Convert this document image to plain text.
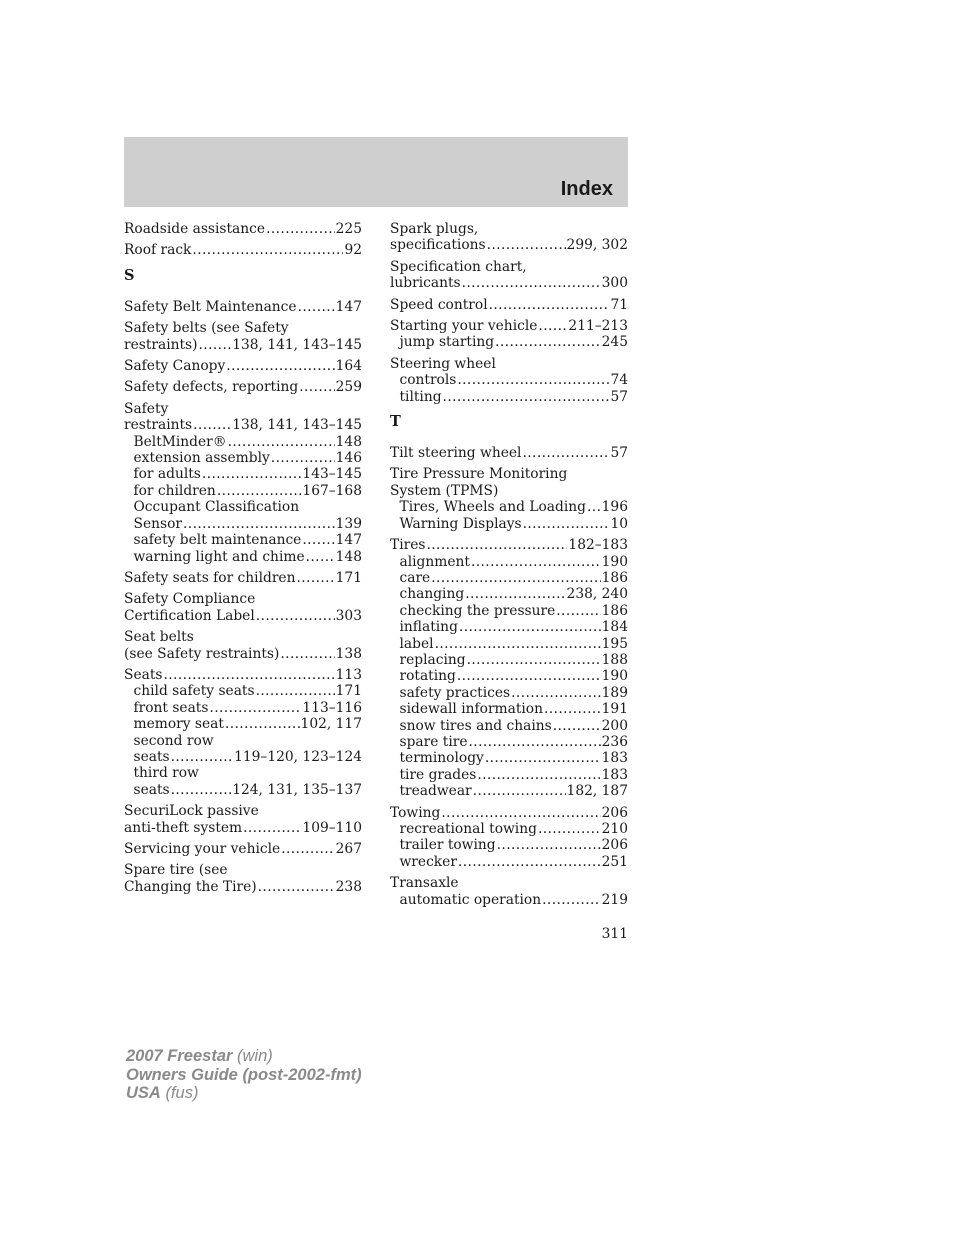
Index
Roadside assistance .....	225
Roof rack .....	92
S
Safety Belt Maintenance .....	147
Safety belts (see Safety
restraints) .....	138, 141, 143–145
Safety Canopy .....	164
Safety defects, reporting .....	259
Safety
restraints .....	138, 141, 143–145
BeltMinder® .....	148
extension assembly .....	146
for adults .....	143–145
for children .....	167–168
Occupant Classification
Sensor .....	139
safety belt maintenance ..... 147
warning light and chime ..... 148
Safety seats for children .....	171
Safety Compliance
Certification Label .....	303
Seat belts
(see Safety restraints) .....	138
Seats .....	113
child safety seats .....	171
front seats .....	113–116
memory seat .....	102, 117
second row
seats .....	119–120, 123–124
third row
seats .....	124, 131, 135–137
SecuriLock passive
anti-theft system .....	109–110
Servicing your vehicle .....	267
Spare tire (see
Changing the Tire) .....	238
Spark plugs,
specifications .....	299, 302
Specification chart,
lubricants .....	300
Speed control .....	71
Starting your vehicle ..... 211–213
jump starting .....	245
Steering wheel
controls .....	74
tilting .....	57
T
Tilt steering wheel .....	57
Tire Pressure Monitoring
System (TPMS)
Tires, Wheels and Loading ..... 196
Warning Displays .....	10
Tires .....	182–183
alignment .....	190
care .....	186
changing .....	238, 240
checking the pressure .....	186
inflating .....	184
label .....	195
replacing .....	188
rotating .....	190
safety practices .....	189
sidewall information .....	191
snow tires and chains .....	200
spare tire .....	236
terminology .....	183
tire grades .....	183
treadwear .....	182, 187
Towing .....	206
recreational towing .....	210
trailer towing .....	206
wrecker .....	251
Transaxle
automatic operation .....	219
311
2007 Freestar (win)
Owners Guide (post-2002-fmt)
USA (fus)
